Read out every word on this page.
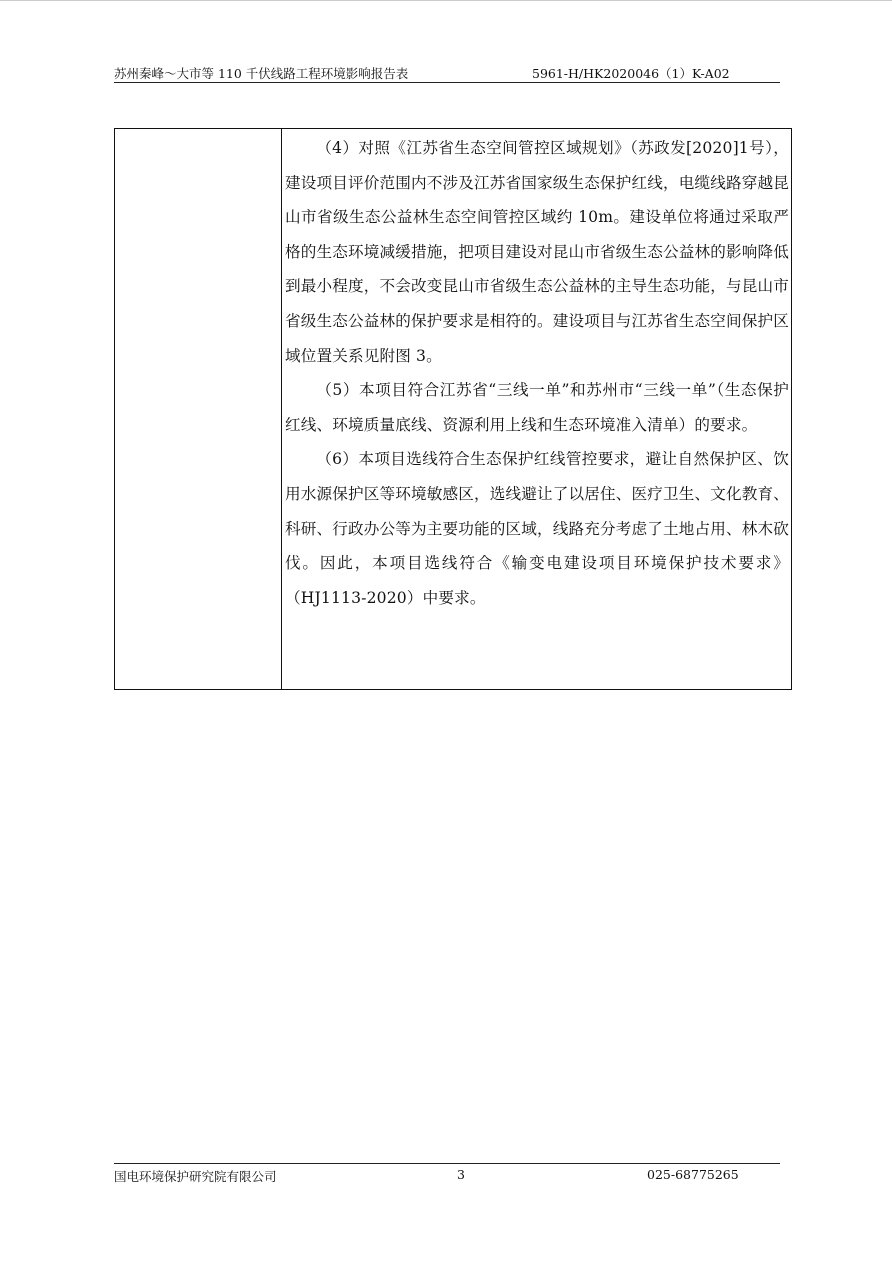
苏州秦峰～大市等 110 千伏线路工程环境影响报告表	5961-H/HK2020046（1）K-A02

（4）对照《江苏省生态空间管控区域规划》（苏政发[2020]1号），建设项目评价范围内不涉及江苏省国家级生态保护红线，电缆线路穿越昆山市省级生态公益林生态空间管控区域约 10m。建设单位将通过采取严格的生态环境减缓措施，把项目建设对昆山市省级生态公益林的影响降低到最小程度，不会改变昆山市省级生态公益林的主导生态功能，与昆山市省级生态公益林的保护要求是相符的。建设项目与江苏省生态空间保护区域位置关系见附图 3。

（5）本项目符合江苏省“三线一单”和苏州市“三线一单”（生态保护红线、环境质量底线、资源利用上线和生态环境准入清单）的要求。

（6）本项目选线符合生态保护红线管控要求，避让自然保护区、饮用水源保护区等环境敏感区，选线避让了以居住、医疗卫生、文化教育、科研、行政办公等为主要功能的区域，线路充分考虑了土地占用、林木砍伐。因此，本项目选线符合《输变电建设项目环境保护技术要求》（HJ1113-2020）中要求。

国电环境保护研究院有限公司	3	025-68775265
